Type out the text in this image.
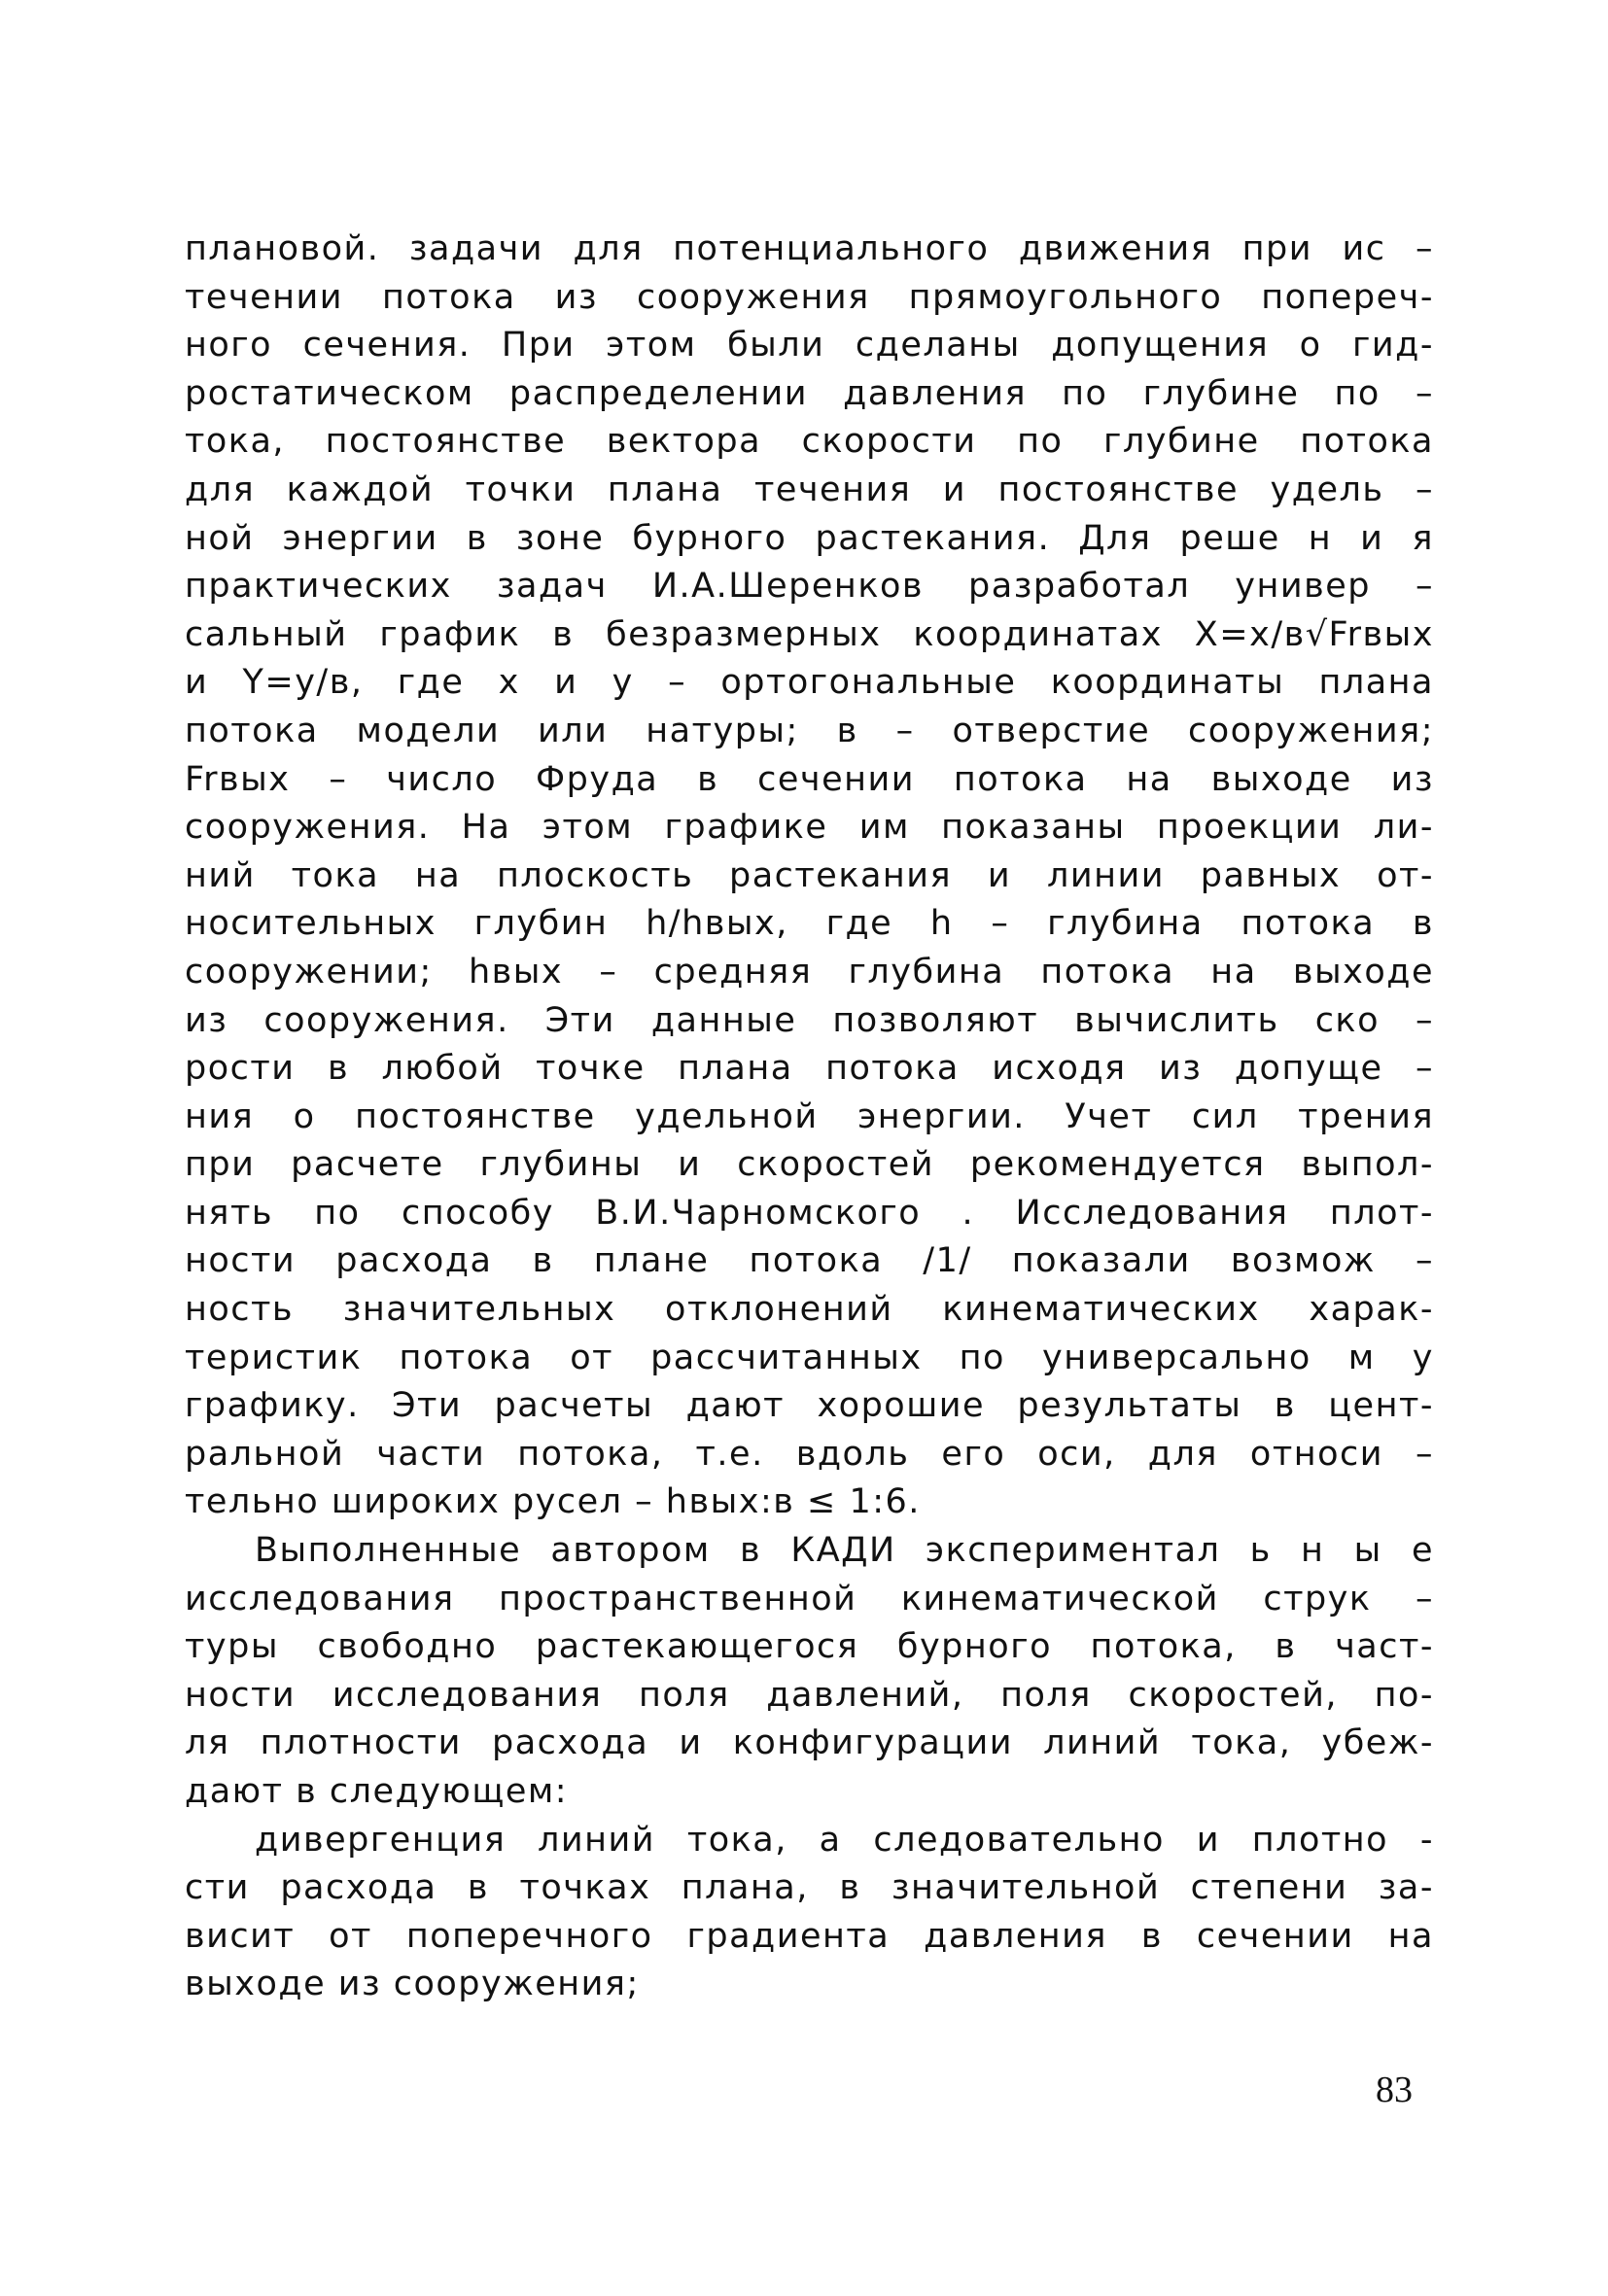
плановой. задачи для потенциального движения при ис –
течении потока из сооружения прямоугольного попереч-
ного сечения. При этом были сделаны допущения о гид-
ростатическом распределении давления по глубине по –
тока, постоянстве вектора скорости по глубине потока
для каждой точки плана течения и постоянстве удель –
ной энергии в зоне бурного растекания. Для реше н и я
практических задач И.А.Шеренков разработал универ –
сальный график в безразмерных координатах X=x/в√Frвых
и Y=y/в, где x и y – ортогональные координаты плана
потока модели или натуры; в – отверстие сооружения;
Frвых – число Фруда в сечении потока на выходе из
сооружения. На этом графике им показаны проекции ли-
ний тока на плоскость растекания и линии равных от-
носительных глубин h/hвых, где h – глубина потока в
сооружении; hвых – средняя глубина потока на выходе
из сооружения. Эти данные позволяют вычислить ско –
рости в любой точке плана потока исходя из допуще –
ния о постоянстве удельной энергии. Учет сил трения
при расчете глубины и скоростей рекомендуется выпол-
нять по способу В.И.Чарномского . Исследования плот-
ности расхода в плане потока /1/ показали возмож –
ность значительных отклонений кинематических харак-
теристик потока от рассчитанных по универсально м у
графику. Эти расчеты дают хорошие результаты в цент-
ральной части потока, т.е. вдоль его оси, для относи –
тельно широких русел – hвых:в ≤ 1:6.
Выполненные автором в КАДИ экспериментал ь н ы е
исследования пространственной кинематической струк –
туры свободно растекающегося бурного потока, в част-
ности исследования поля давлений, поля скоростей, по-
ля плотности расхода и конфигурации линий тока, убеж-
дают в следующем:
дивергенция линий тока, а следовательно и плотно -
сти расхода в точках плана, в значительной степени за-
висит от поперечного градиента давления в сечении на
выходе из сооружения;
83
